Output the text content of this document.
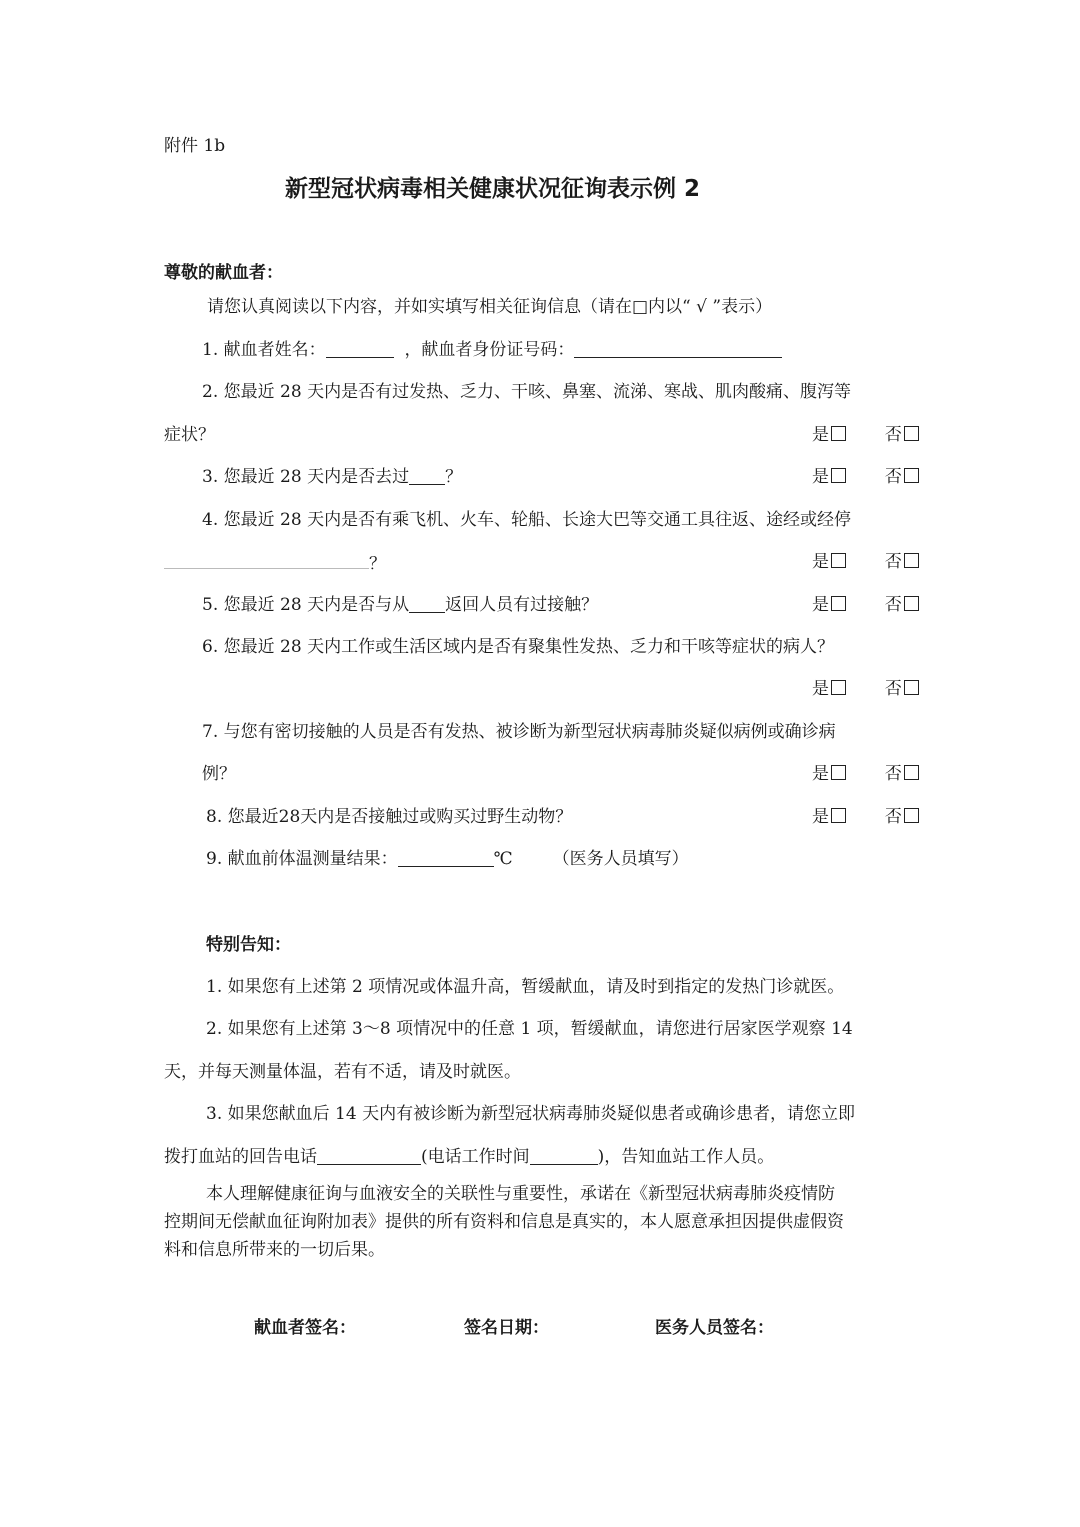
附件 1b
新型冠状病毒相关健康状况征询表示例 2
尊敬的献血者：
请您认真阅读以下内容，并如实填写相关征询信息（请在□内以“ √ ”表示）
1. 献血者姓名：	，献血者身份证号码：
2. 您最近 28 天内是否有过发热、乏力、干咳、鼻塞、流涕、寒战、肌肉酸痛、腹泻等
症状？	是	否
3. 您最近 28 天内是否去过 ？	是	否
4. 您最近 28 天内是否有乘飞机、火车、轮船、长途大巴等交通工具往返、途经或经停
？	是	否
5. 您最近 28 天内是否与从 返回人员有过接触？	是	否
6. 您最近 28 天内工作或生活区域内是否有聚集性发热、乏力和干咳等症状的病人？
是	否
7. 与您有密切接触的人员是否有发热、被诊断为新型冠状病毒肺炎疑似病例或确诊病
例？	是	否
8. 您最近28天内是否接触过或购买过野生动物？	是	否
9. 献血前体温测量结果：	℃ （医务人员填写）
特别告知：
1. 如果您有上述第 2 项情况或体温升高，暂缓献血，请及时到指定的发热门诊就医。
2. 如果您有上述第 3～8 项情况中的任意 1 项，暂缓献血，请您进行居家医学观察 14
天，并每天测量体温，若有不适，请及时就医。
3. 如果您献血后 14 天内有被诊断为新型冠状病毒肺炎疑似患者或确诊患者，请您立即
拨打血站的回告电话	(电话工作时间	)，告知血站工作人员。
本人理解健康征询与血液安全的关联性与重要性，承诺在《新型冠状病毒肺炎疫情防
控期间无偿献血征询附加表》提供的所有资料和信息是真实的，本人愿意承担因提供虚假资
料和信息所带来的一切后果。
献血者签名：	签名日期：	医务人员签名：
